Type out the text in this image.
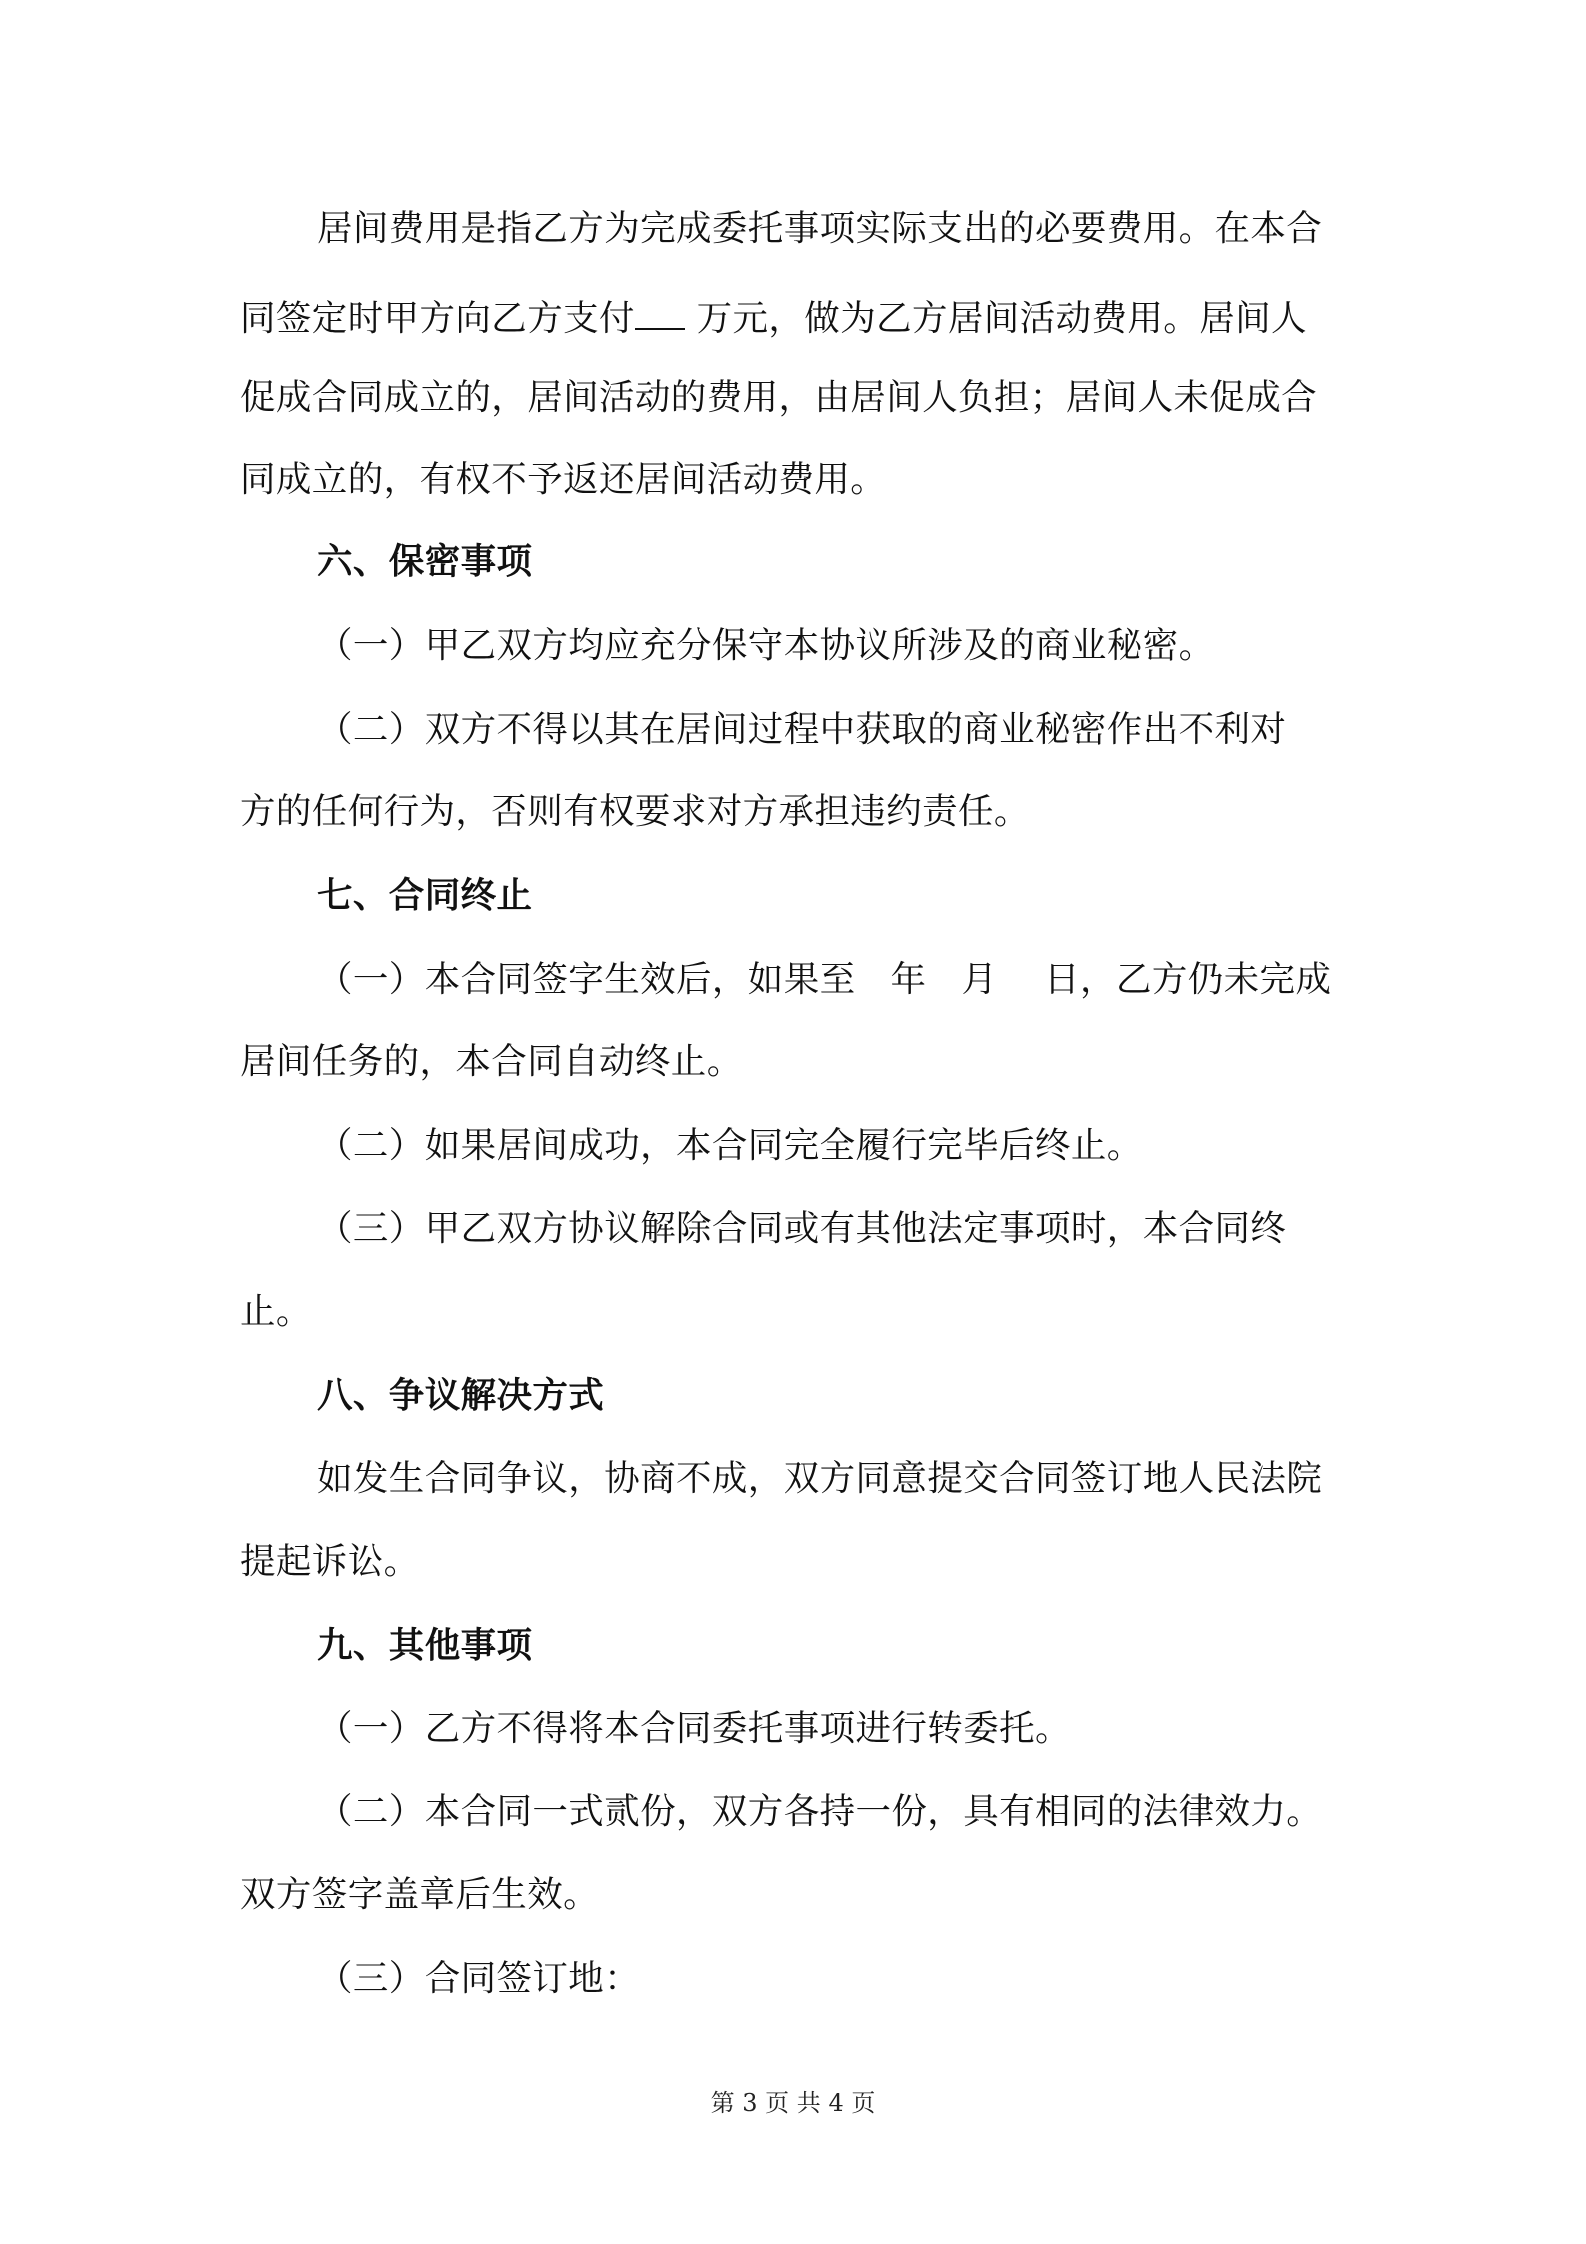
居间费用是指乙方为完成委托事项实际支出的必要费用。在本合
同签定时甲方向乙方支付 万元，做为乙方居间活动费用。居间人
促成合同成立的，居间活动的费用，由居间人负担；居间人未促成合
同成立的，有权不予返还居间活动费用。
六、保密事项
（一）甲乙双方均应充分保守本协议所涉及的商业秘密。
（二）双方不得以其在居间过程中获取的商业秘密作出不利对
方的任何行为，否则有权要求对方承担违约责任。
七、合同终止
（一）本合同签字生效后，如果至   年   月    日，乙方仍未完成
居间任务的，本合同自动终止。
（二）如果居间成功，本合同完全履行完毕后终止。
（三）甲乙双方协议解除合同或有其他法定事项时，本合同终
止。
八、争议解决方式
如发生合同争议，协商不成，双方同意提交合同签订地人民法院
提起诉讼。
九、其他事项
（一）乙方不得将本合同委托事项进行转委托。
（二）本合同一式贰份，双方各持一份，具有相同的法律效力。
双方签字盖章后生效。
（三）合同签订地：
第 3 页 共 4 页
